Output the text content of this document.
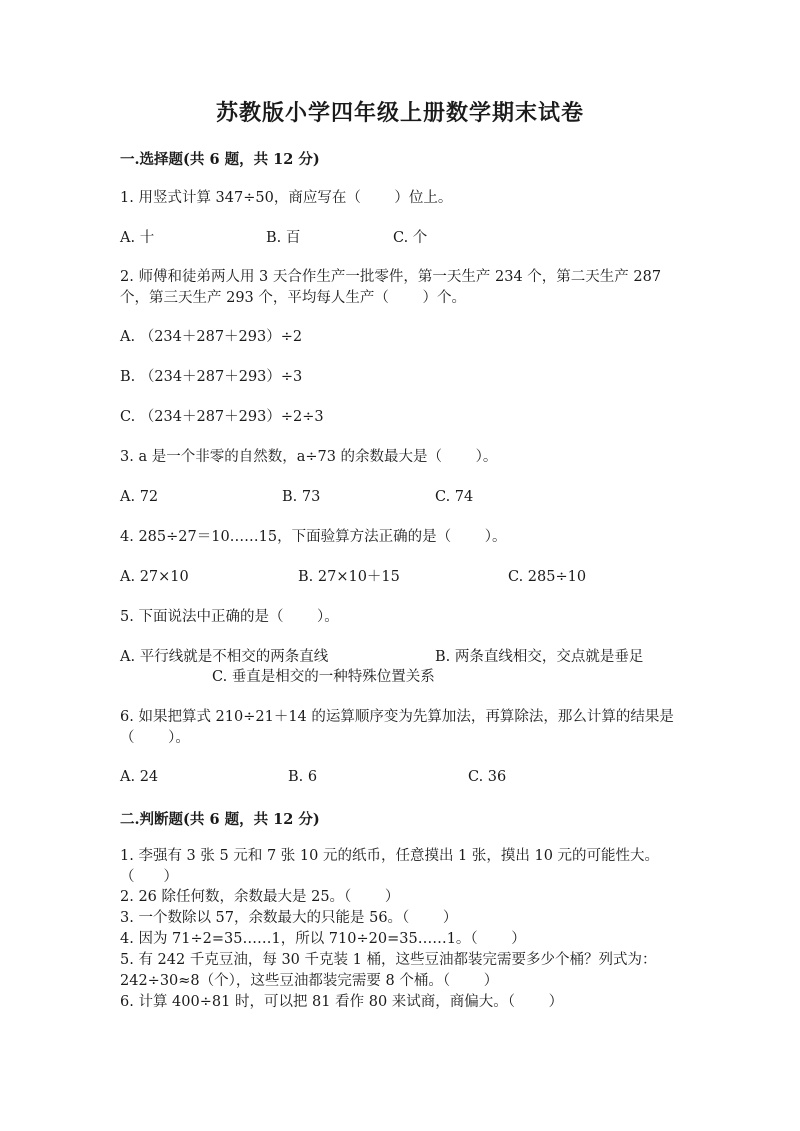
苏教版小学四年级上册数学期末试卷
一.选择题(共 6 题，共 12 分)

1. 用竖式计算 347÷50，商应写在（　　 ）位上。

A. 十	B. 百	C. 个

2. 师傅和徒弟两人用 3 天合作生产一批零件，第一天生产 234 个，第二天生产 287 个，第三天生产 293 个，平均每人生产（　　 ）个。

A. （234＋287＋293）÷2
B. （234＋287＋293）÷3
C. （234＋287＋293）÷2÷3

3. a 是一个非零的自然数，a÷73 的余数最大是（　　 ）。

A. 72	B. 73	C. 74

4. 285÷27＝10……15，下面验算方法正确的是（　　 ）。

A. 27×10	B. 27×10＋15	C. 285÷10

5. 下面说法中正确的是（　　 ）。

A. 平行线就是不相交的两条直线	B. 两条直线相交，交点就是垂足
C. 垂直是相交的一种特殊位置关系

6. 如果把算式 210÷21＋14 的运算顺序变为先算加法，再算除法，那么计算的结果是（　　 ）。

A. 24	B. 6	C. 36
二.判断题(共 6 题，共 12 分)

1. 李强有 3 张 5 元和 7 张 10 元的纸币，任意摸出 1 张，摸出 10 元的可能性大。　　　（　　）

2. 26 除任何数，余数最大是 25。（　　 ）

3. 一个数除以 57，余数最大的只能是 56。（　　 ）

4. 因为 71÷2=35……1，所以 710÷20=35……1。（　　 ）

5. 有 242 千克豆油，每 30 千克装 1 桶，这些豆油都装完需要多少个桶？列式为：242÷30≈8（个），这些豆油都装完需要 8 个桶。（　　 ）

6. 计算 400÷81 时，可以把 81 看作 80 来试商，商偏大。（　　 ）
